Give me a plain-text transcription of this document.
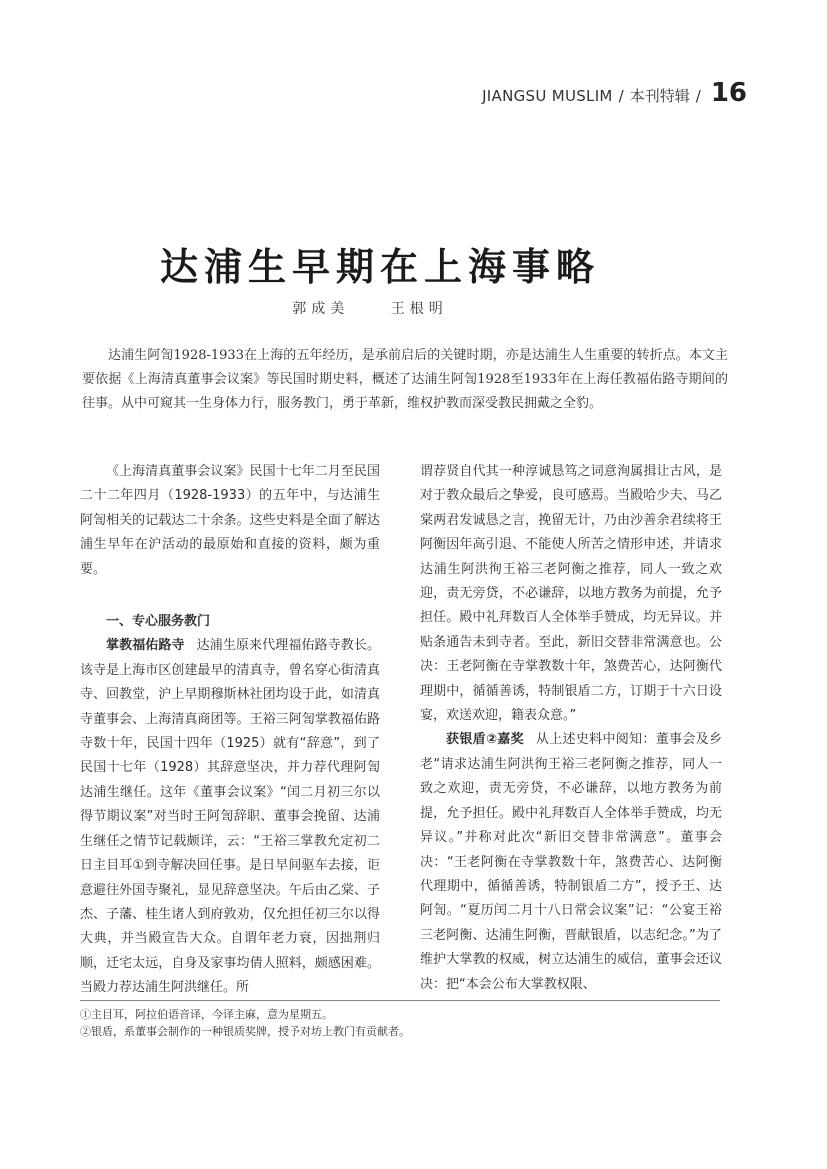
JIANGSU MUSLIM / 本刊特辑 / 16
达浦生早期在上海事略
郭成美	王根明
达浦生阿訇1928-1933在上海的五年经历，是承前启后的关键时期，亦是达浦生人生重要的转折点。本文主要依据《上海清真董事会议案》等民国时期史料，概述了达浦生阿訇1928至1933年在上海任教福佑路寺期间的往事。从中可窥其一生身体力行，服务教门，勇于革新，维权护教而深受教民拥戴之全豹。

《上海清真董事会议案》民国十七年二月至民国二十二年四月（1928-1933）的五年中，与达浦生阿訇相关的记载达二十余条。这些史料是全面了解达浦生早年在沪活动的最原始和直接的资料，颇为重要。

一、专心服务教门

掌教福佑路寺 达浦生原来代理福佑路寺教长。该寺是上海市区创建最早的清真寺，曾名穿心街清真寺、回教堂，沪上早期穆斯林社团均设于此，如清真寺董事会、上海清真商团等。王裕三阿訇掌教福佑路寺数十年，民国十四年（1925）就有“辞意”，到了民国十七年（1928）其辞意坚决，并力荐代理阿訇达浦生继任。这年《董事会议案》“闰二月初三尔以得节期议案”对当时王阿訇辞职、董事会挽留、达浦生继任之情节记载颇详，云：“王裕三掌教允定初二日主目耳①到寺解决回任事。是日早间驱车去接，讵意避往外国寺聚礼，显见辞意坚决。午后由乙棠、子杰、子藩、桂生诸人到府敦劝，仅允担任初三尔以得大典，并当殿宣告大众。自谓年老力衰，因拙荆归顺，迁宅太远，自身及家事均倩人照料，颇感困难。当殿力荐达浦生阿洪继任。所

谓荐贤自代其一种淳诚恳笃之词意洵属揖让古风，是对于教众最后之挚爱，良可感焉。当殿哈少夫、马乙棠两君发诚恳之言，挽留无计，乃由沙善余君续将王阿衡因年高引退、不能使人所苦之情形申述，并请求达浦生阿洪徇王裕三老阿衡之推荐，同人一致之欢迎，责无旁贷，不必谦辞，以地方教务为前提，允予担任。殿中礼拜数百人全体举手赞成，均无异议。并贴条通告未到寺者。至此，新旧交替非常满意也。公决：王老阿衡在寺掌教数十年，煞费苦心，达阿衡代理期中，循循善诱，特制银盾二方，订期于十六日设宴，欢送欢迎，籍表众意。”

获银盾②嘉奖 从上述史料中阅知：董事会及乡老“请求达浦生阿洪徇王裕三老阿衡之推荐，同人一致之欢迎，责无旁贷，不必谦辞，以地方教务为前提，允予担任。殿中礼拜数百人全体举手赞成，均无异议。”并称对此次“新旧交替非常满意”。董事会决：“王老阿衡在寺掌教数十年，煞费苦心、达阿衡代理期中，循循善诱，特制银盾二方”，授予王、达阿訇。“夏历闰二月十八日常会议案”记：“公宴王裕三老阿衡、达浦生阿衡，晋献银盾，以志纪念。”为了维护大掌教的权威，树立达浦生的威信，董事会还议决：把“本会公布大掌教权限、

①主目耳，阿拉伯语音译，今译主麻，意为星期五。
②银盾，系董事会制作的一种银质奖牌，授予对坊上教门有贡献者。
